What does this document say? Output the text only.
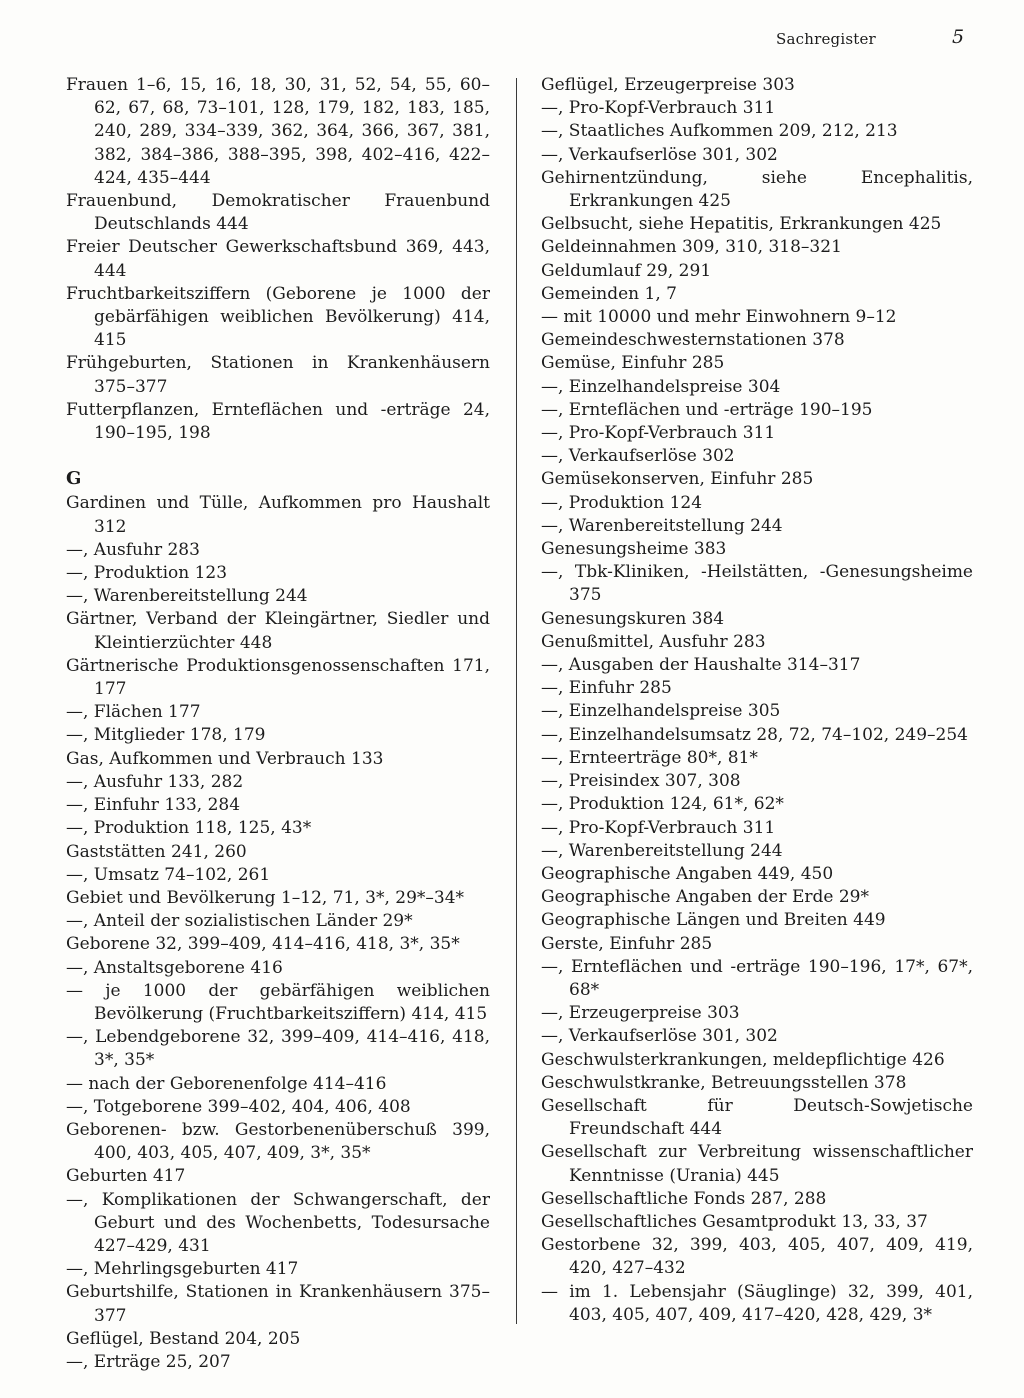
Sachregister	5
Frauen 1–6, 15, 16, 18, 30, 31, 52, 54, 55, 60–62, 67, 68, 73–101, 128, 179, 182, 183, 185, 240, 289, 334–339, 362, 364, 366, 367, 381, 382, 384–386, 388–395, 398, 402–416, 422–424, 435–444
Frauenbund, Demokratischer Frauenbund Deutschlands 444
Freier Deutscher Gewerkschaftsbund 369, 443, 444
Fruchtbarkeitsziffern (Geborene je 1000 der gebärfähigen weiblichen Bevölkerung) 414, 415
Frühgeburten, Stationen in Krankenhäusern 375–377
Futterpflanzen, Ernteflächen und -erträge 24, 190–195, 198
G
Gardinen und Tülle, Aufkommen pro Haushalt 312
—, Ausfuhr 283
—, Produktion 123
—, Warenbereitstellung 244
Gärtner, Verband der Kleingärtner, Siedler und Kleintierzüchter 448
Gärtnerische Produktionsgenossenschaften 171, 177
—, Flächen 177
—, Mitglieder 178, 179
Gas, Aufkommen und Verbrauch 133
—, Ausfuhr 133, 282
—, Einfuhr 133, 284
—, Produktion 118, 125, 43*
Gaststätten 241, 260
—, Umsatz 74–102, 261
Gebiet und Bevölkerung 1–12, 71, 3*, 29*–34*
—, Anteil der sozialistischen Länder 29*
Geborene 32, 399–409, 414–416, 418, 3*, 35*
—, Anstaltsgeborene 416
— je 1000 der gebärfähigen weiblichen Bevölkerung (Fruchtbarkeitsziffern) 414, 415
—, Lebendgeborene 32, 399–409, 414–416, 418, 3*, 35*
— nach der Geborenenfolge 414–416
—, Totgeborene 399–402, 404, 406, 408
Geborenen- bzw. Gestorbenenüberschuß 399, 400, 403, 405, 407, 409, 3*, 35*
Geburten 417
—, Komplikationen der Schwangerschaft, der Geburt und des Wochenbetts, Todesursache 427–429, 431
—, Mehrlingsgeburten 417
Geburtshilfe, Stationen in Krankenhäusern 375–377
Geflügel, Bestand 204, 205
—, Erträge 25, 207
Geflügel, Erzeugerpreise 303
—, Pro-Kopf-Verbrauch 311
—, Staatliches Aufkommen 209, 212, 213
—, Verkaufserlöse 301, 302
Gehirnentzündung, siehe Encephalitis, Erkrankungen 425
Gelbsucht, siehe Hepatitis, Erkrankungen 425
Geldeinnahmen 309, 310, 318–321
Geldumlauf 29, 291
Gemeinden 1, 7
— mit 10000 und mehr Einwohnern 9–12
Gemeindeschwesternstationen 378
Gemüse, Einfuhr 285
—, Einzelhandelspreise 304
—, Ernteflächen und -erträge 190–195
—, Pro-Kopf-Verbrauch 311
—, Verkaufserlöse 302
Gemüsekonserven, Einfuhr 285
—, Produktion 124
—, Warenbereitstellung 244
Genesungsheime 383
—, Tbk-Kliniken, -Heilstätten, -Genesungsheime 375
Genesungskuren 384
Genußmittel, Ausfuhr 283
—, Ausgaben der Haushalte 314–317
—, Einfuhr 285
—, Einzelhandelspreise 305
—, Einzelhandelsumsatz 28, 72, 74–102, 249–254
—, Ernteerträge 80*, 81*
—, Preisindex 307, 308
—, Produktion 124, 61*, 62*
—, Pro-Kopf-Verbrauch 311
—, Warenbereitstellung 244
Geographische Angaben 449, 450
Geographische Angaben der Erde 29*
Geographische Längen und Breiten 449
Gerste, Einfuhr 285
—, Ernteflächen und -erträge 190–196, 17*, 67*, 68*
—, Erzeugerpreise 303
—, Verkaufserlöse 301, 302
Geschwulsterkrankungen, meldepflichtige 426
Geschwulstkranke, Betreuungsstellen 378
Gesellschaft für Deutsch-Sowjetische Freundschaft 444
Gesellschaft zur Verbreitung wissenschaftlicher Kenntnisse (Urania) 445
Gesellschaftliche Fonds 287, 288
Gesellschaftliches Gesamtprodukt 13, 33, 37
Gestorbene 32, 399, 403, 405, 407, 409, 419, 420, 427–432
— im 1. Lebensjahr (Säuglinge) 32, 399, 401, 403, 405, 407, 409, 417–420, 428, 429, 3*
